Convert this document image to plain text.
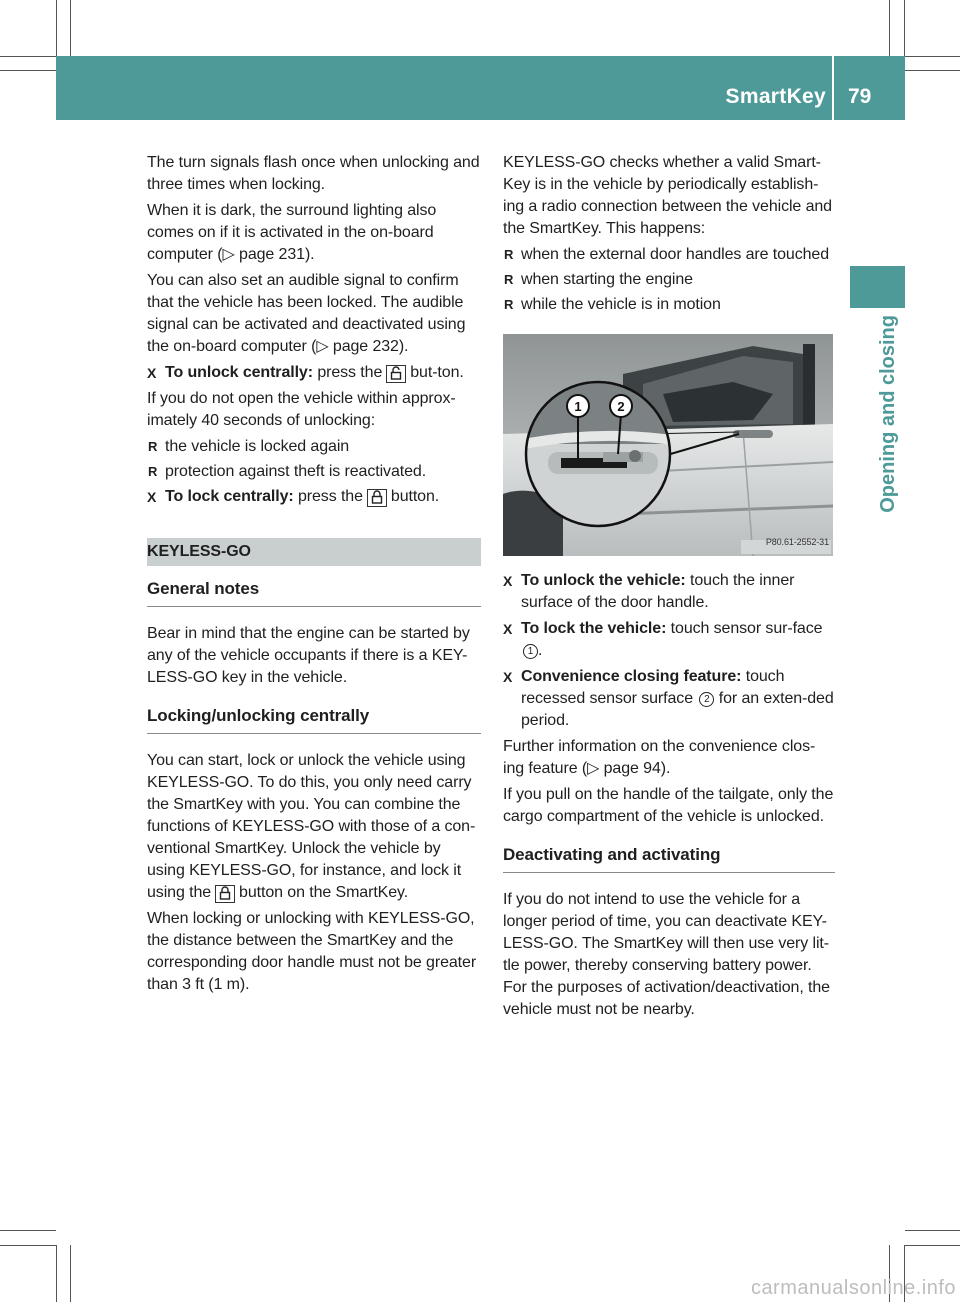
SmartKey 79
Opening and closing

The turn signals flash once when unlocking and three times when locking.

When it is dark, the surround lighting also comes on if it is activated in the on-board computer (▷ page 231).

You can also set an audible signal to confirm that the vehicle has been locked. The audible signal can be activated and deactivated using the on-board computer (▷ page 232).

X To unlock centrally: press the but-ton.

If you do not open the vehicle within approx-imately 40 seconds of unlocking:

R the vehicle is locked again
R protection against theft is reactivated.
X To lock centrally: press the button.
KEYLESS-GO
General notes

Bear in mind that the engine can be started by any of the vehicle occupants if there is a KEY-LESS-GO key in the vehicle.

Locking/unlocking centrally

You can start, lock or unlock the vehicle using KEYLESS-GO. To do this, you only need carry the SmartKey with you. You can combine the functions of KEYLESS-GO with those of a con-ventional SmartKey. Unlock the vehicle by using KEYLESS-GO, for instance, and lock it using the button on the SmartKey.

When locking or unlocking with KEYLESS-GO, the distance between the SmartKey and the corresponding door handle must not be greater than 3 ft (1 m).

KEYLESS-GO checks whether a valid Smart-Key is in the vehicle by periodically establish-ing a radio connection between the vehicle and the SmartKey. This happens:

R when the external door handles are touched
R when starting the engine
R while the vehicle is in motion
1	2
P80.61-2552-31
X To unlock the vehicle: touch the inner surface of the door handle.
X To lock the vehicle: touch sensor sur-face 1 .
X Convenience closing feature: touch recessed sensor surface 2 for an exten-ded period.

Further information on the convenience clos-ing feature (▷ page 94).

If you pull on the handle of the tailgate, only the cargo compartment of the vehicle is unlocked.

Deactivating and activating

If you do not intend to use the vehicle for a longer period of time, you can deactivate KEY-LESS-GO. The SmartKey will then use very lit-tle power, thereby conserving battery power. For the purposes of activation/deactivation, the vehicle must not be nearby.

carmanualsonline.info
